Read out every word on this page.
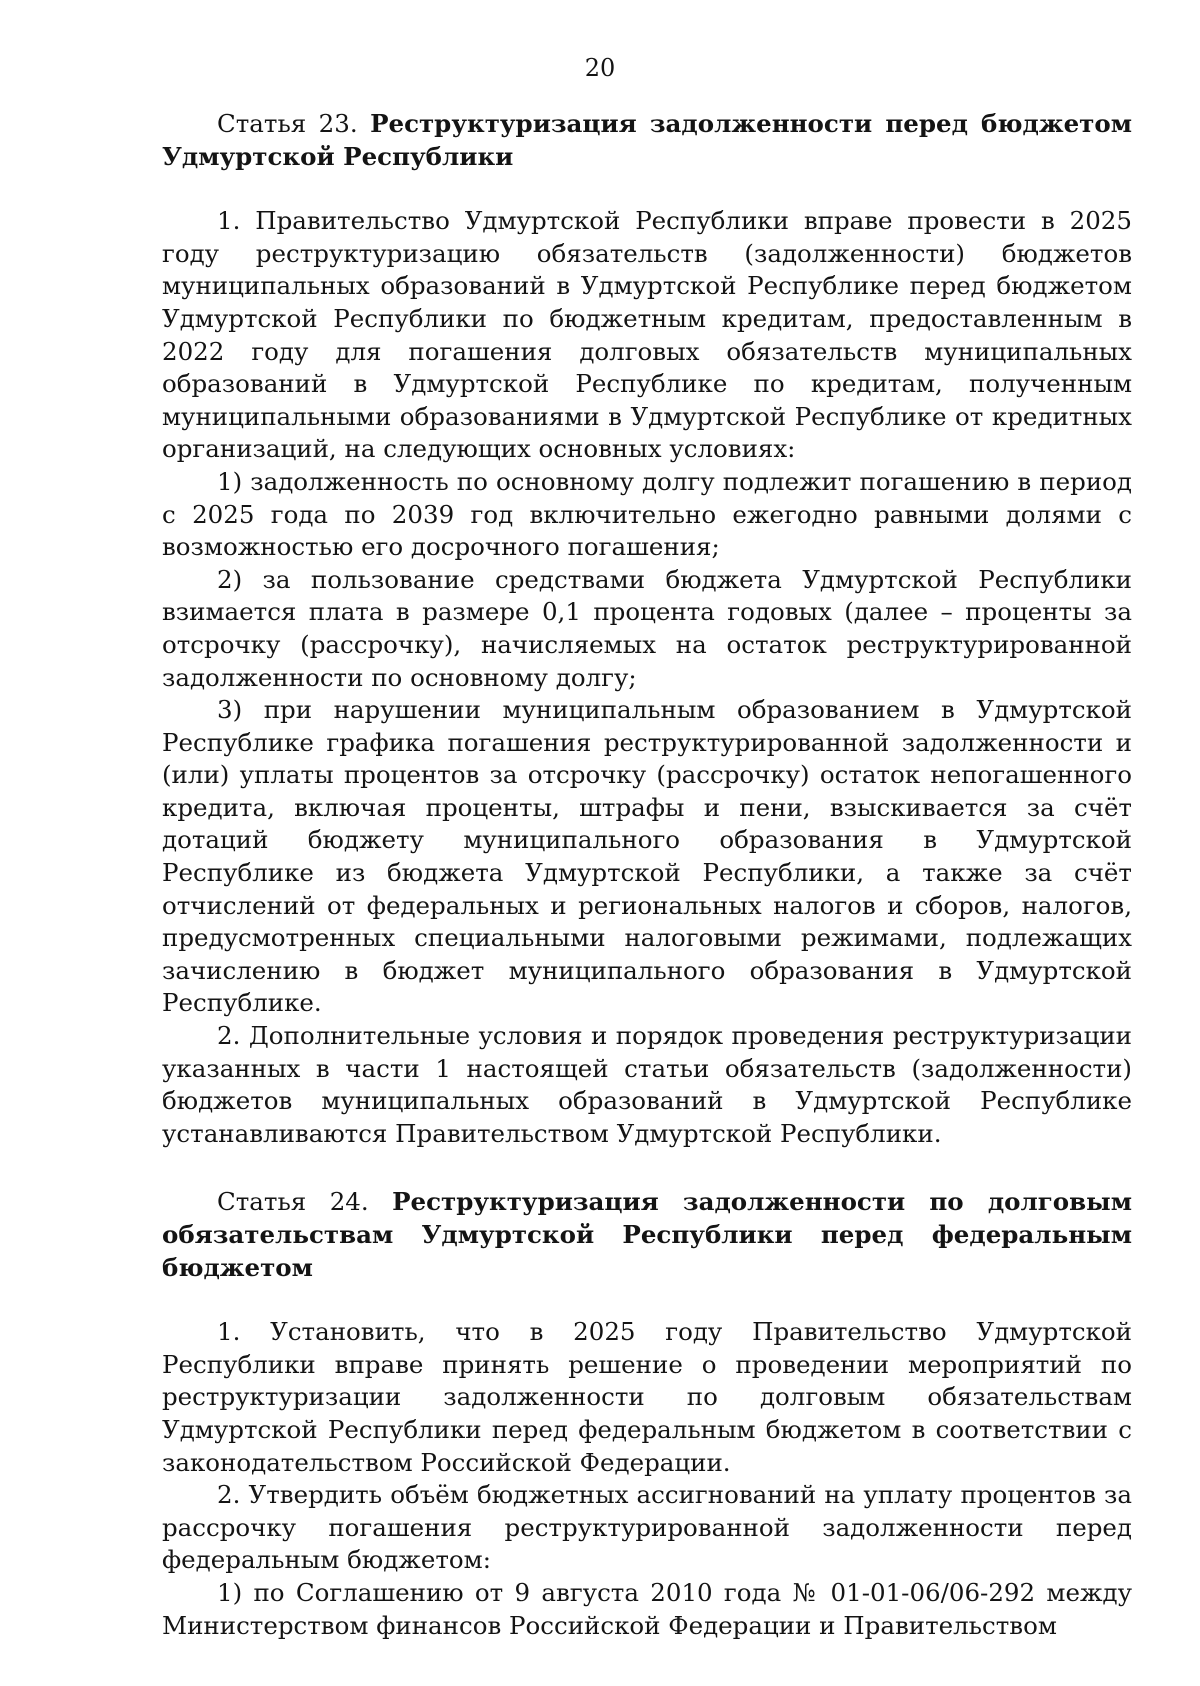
20

Статья 23. Реструктуризация задолженности перед бюджетом Удмуртской Республики

1. Правительство Удмуртской Республики вправе провести в 2025 году реструктуризацию обязательств (задолженности) бюджетов муниципальных образований в Удмуртской Республике перед бюджетом Удмуртской Республики по бюджетным кредитам, предоставленным в 2022 году для погашения долговых обязательств муниципальных образований в Удмуртской Республике по кредитам, полученным муниципальными образованиями в Удмуртской Республике от кредитных организаций, на следующих основных условиях:

1) задолженность по основному долгу подлежит погашению в период с 2025 года по 2039 год включительно ежегодно равными долями с возможностью его досрочного погашения;

2) за пользование средствами бюджета Удмуртской Республики взимается плата в размере 0,1 процента годовых (далее – проценты за отсрочку (рассрочку), начисляемых на остаток реструктурированной задолженности по основному долгу;

3) при нарушении муниципальным образованием в Удмуртской Республике графика погашения реструктурированной задолженности и (или) уплаты процентов за отсрочку (рассрочку) остаток непогашенного кредита, включая проценты, штрафы и пени, взыскивается за счёт дотаций бюджету муниципального образования в Удмуртской Республике из бюджета Удмуртской Республики, а также за счёт отчислений от федеральных и региональных налогов и сборов, налогов, предусмотренных специальными налоговыми режимами, подлежащих зачислению в бюджет муниципального образования в Удмуртской Республике.

2. Дополнительные условия и порядок проведения реструктуризации указанных в части 1 настоящей статьи обязательств (задолженности) бюджетов муниципальных образований в Удмуртской Республике устанавливаются Правительством Удмуртской Республики.

Статья 24. Реструктуризация задолженности по долговым обязательствам Удмуртской Республики перед федеральным бюджетом

1. Установить, что в 2025 году Правительство Удмуртской Республики вправе принять решение о проведении мероприятий по реструктуризации задолженности по долговым обязательствам Удмуртской Республики перед федеральным бюджетом в соответствии с законодательством Российской Федерации.

2. Утвердить объём бюджетных ассигнований на уплату процентов за рассрочку погашения реструктурированной задолженности перед федеральным бюджетом:

1) по Соглашению от 9 августа 2010 года № 01-01-06/06-292 между Министерством финансов Российской Федерации и Правительством
